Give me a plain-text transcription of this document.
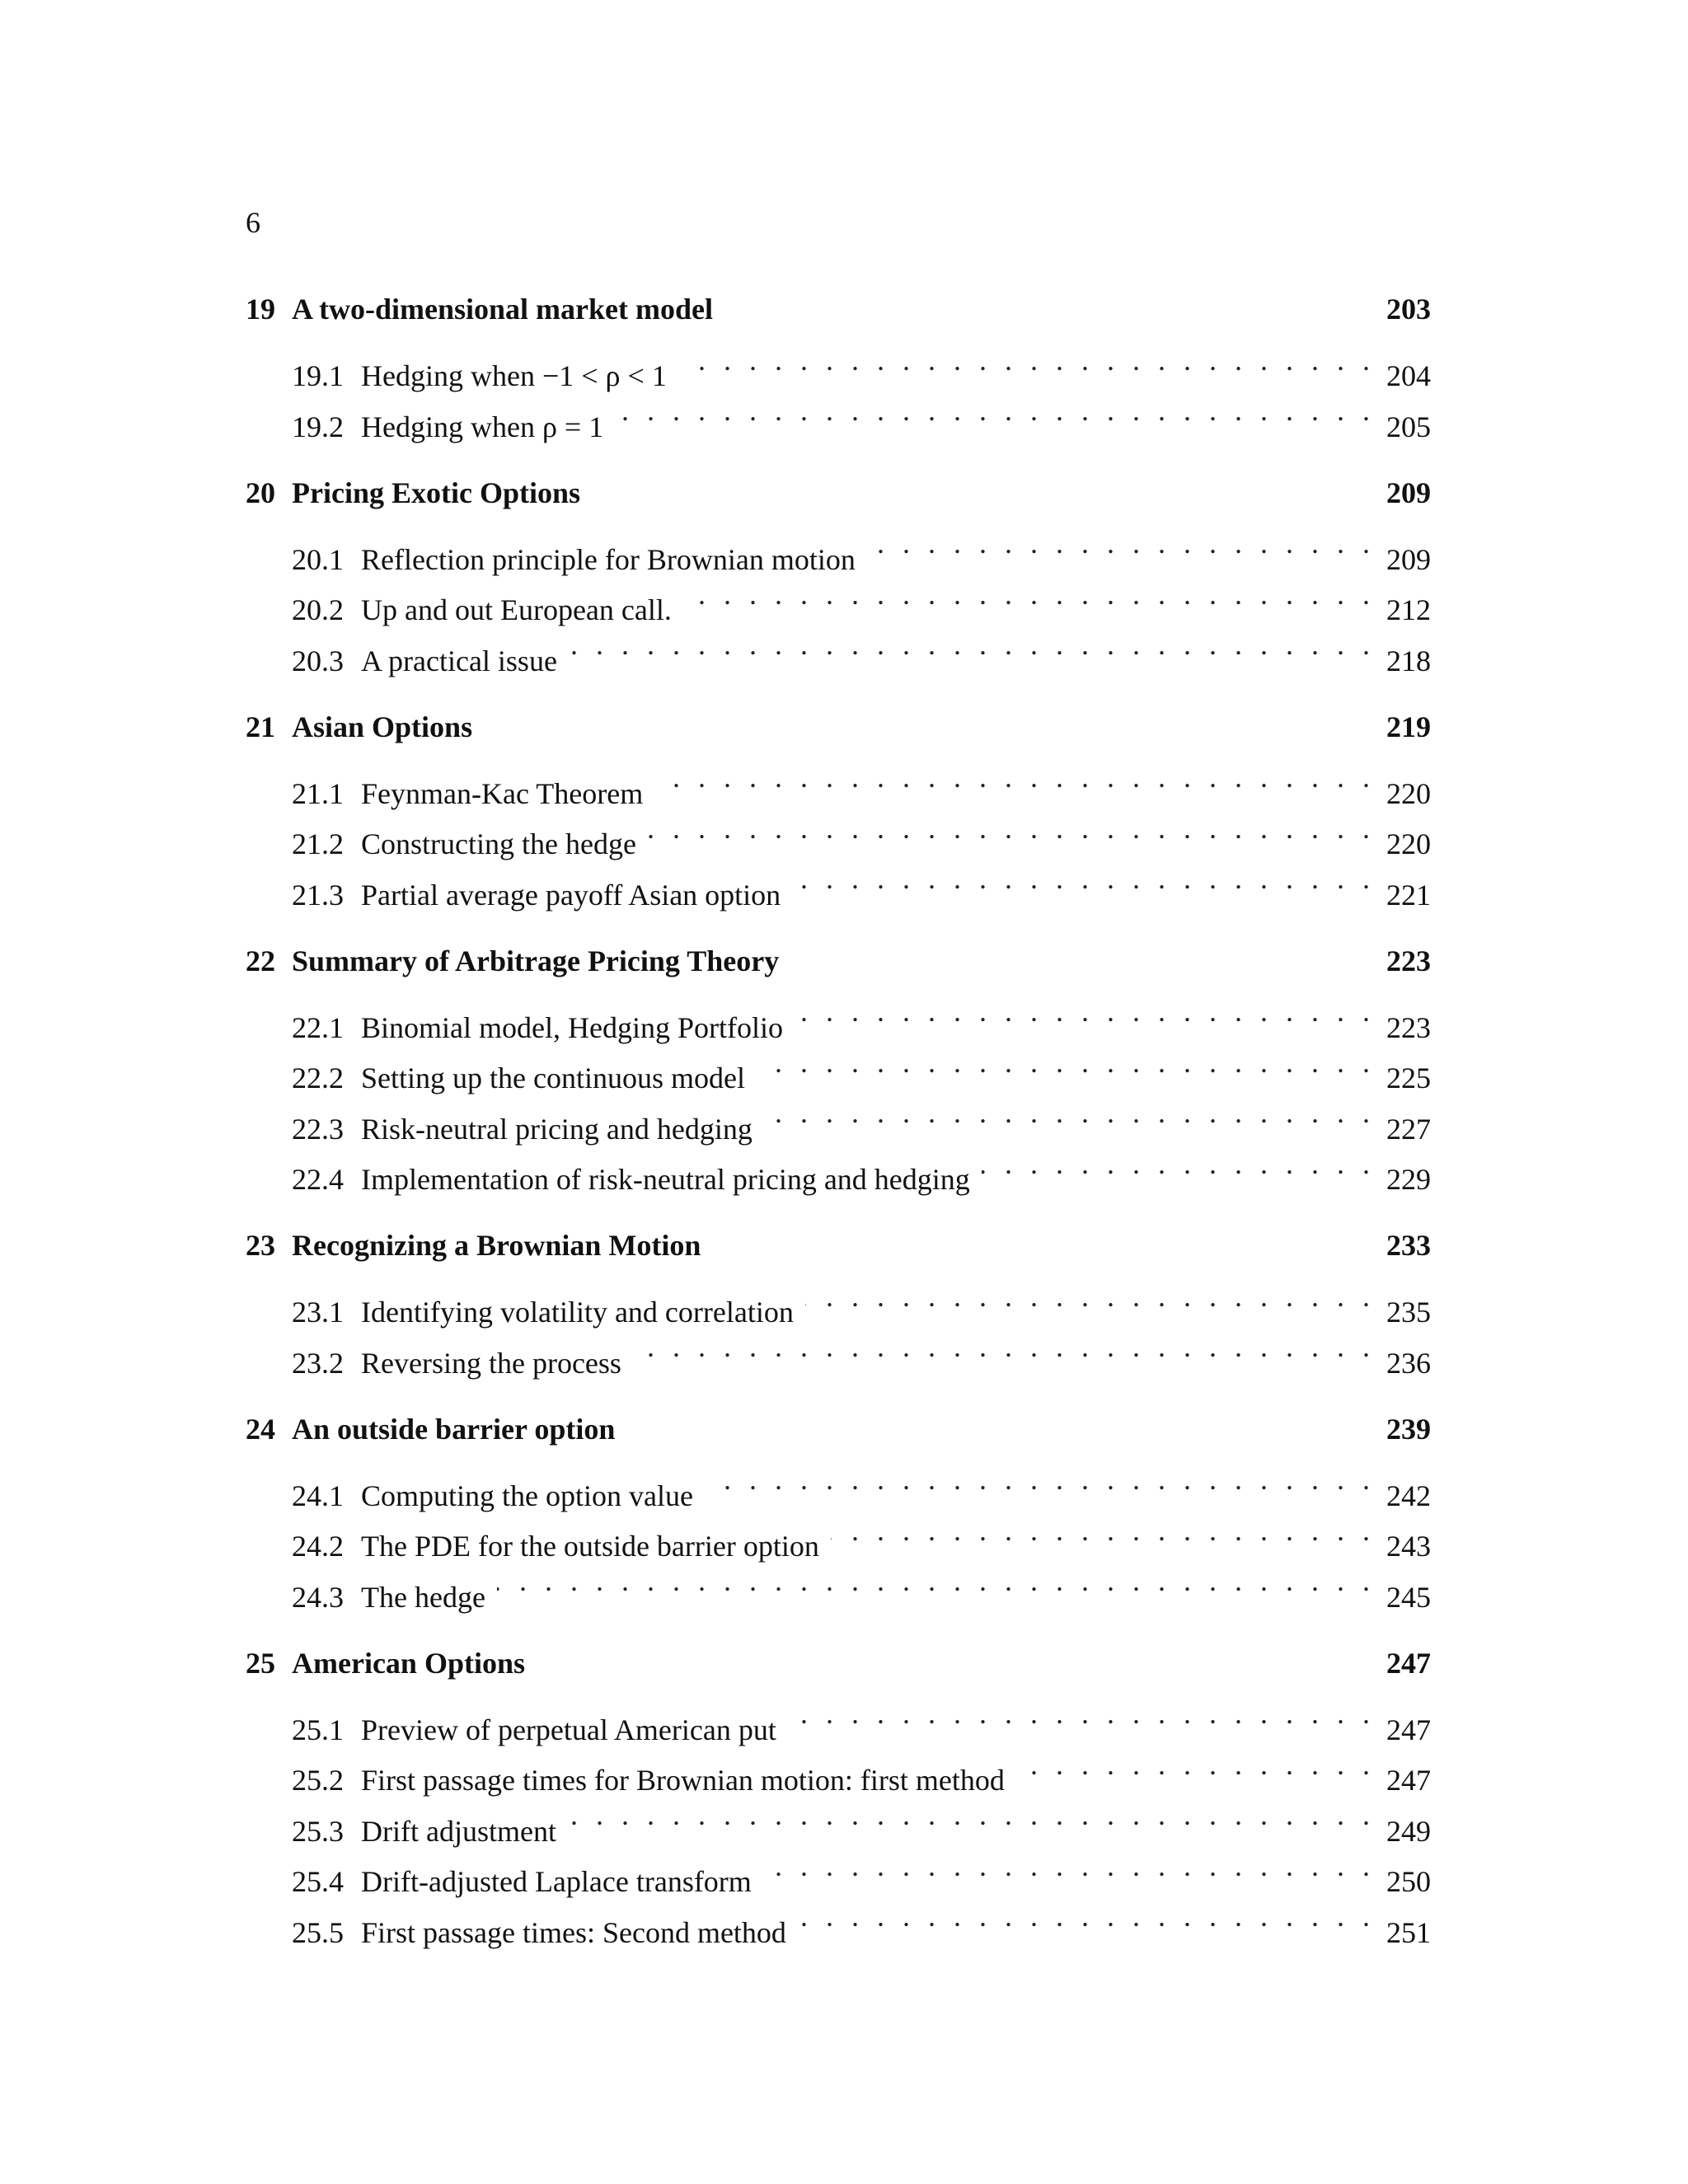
6
19 A two-dimensional market model	203
19.1 Hedging when −1 < ρ < 1 . . .	204
19.2 Hedging when ρ = 1 . . .	205
20 Pricing Exotic Options	209
20.1 Reflection principle for Brownian motion . . .	209
20.2 Up and out European call. . . .	212
20.3 A practical issue . . .	218
21 Asian Options	219
21.1 Feynman-Kac Theorem . . .	220
21.2 Constructing the hedge . . .	220
21.3 Partial average payoff Asian option . . .	221
22 Summary of Arbitrage Pricing Theory	223
22.1 Binomial model, Hedging Portfolio . . .	223
22.2 Setting up the continuous model . . .	225
22.3 Risk-neutral pricing and hedging . . .	227
22.4 Implementation of risk-neutral pricing and hedging . . .	229
23 Recognizing a Brownian Motion	233
23.1 Identifying volatility and correlation . . .	235
23.2 Reversing the process . . .	236
24 An outside barrier option	239
24.1 Computing the option value . . .	242
24.2 The PDE for the outside barrier option . . .	243
24.3 The hedge . . .	245
25 American Options	247
25.1 Preview of perpetual American put . . .	247
25.2 First passage times for Brownian motion: first method . . .	247
25.3 Drift adjustment . . .	249
25.4 Drift-adjusted Laplace transform . . .	250
25.5 First passage times: Second method . . .	251
